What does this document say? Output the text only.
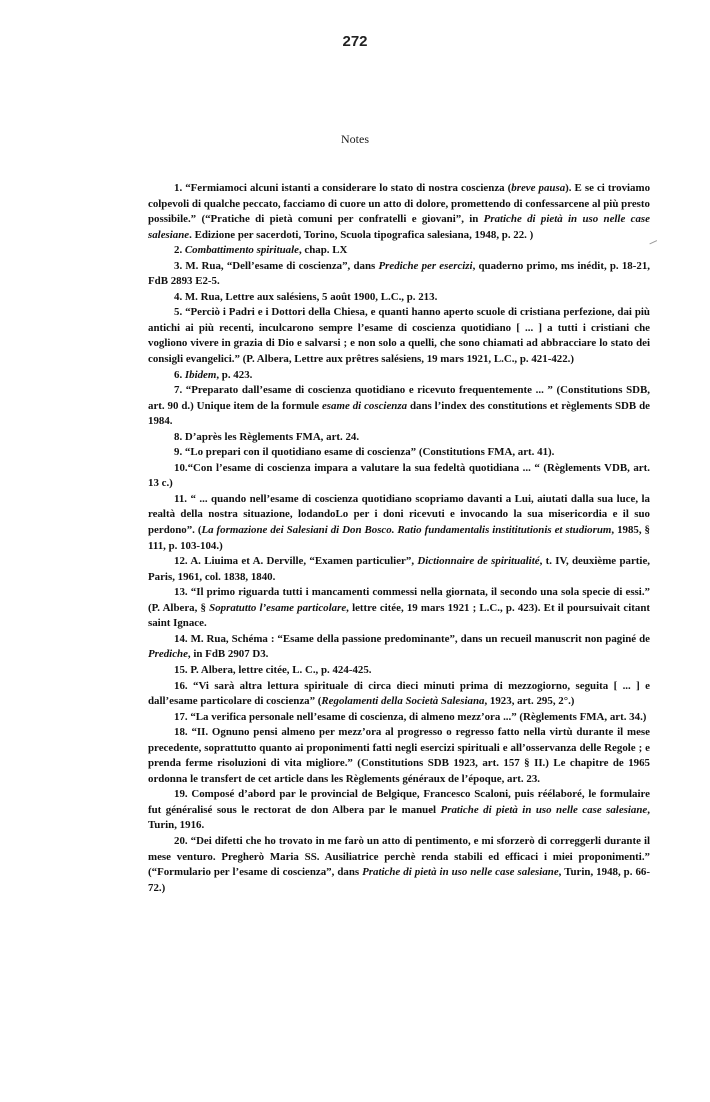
272
Notes

1. “Fermiamoci alcuni istanti a considerare lo stato di nostra coscienza (breve pausa). E se ci troviamo colpevoli di qualche peccato, facciamo di cuore un atto di dolore, promettendo di confessarcene al più presto possibile.” (“Pratiche di pietà comuni per confratelli e giovani”, in Pratiche di pietà in uso nelle case salesiane. Edizione per sacerdoti, Torino, Scuola tipografica salesiana, 1948, p. 22. )

2. Combattimento spirituale, chap. LX

3. M. Rua, “Dell’esame di coscienza”, dans Prediche per esercizi, quaderno primo, ms inédit, p. 18-21, FdB 2893 E2-5.

4. M. Rua, Lettre aux salésiens, 5 août 1900, L.C., p. 213.

5. “Perciò i Padri e i Dottori della Chiesa, e quanti hanno aperto scuole di cristiana perfezione, dai più antichi ai più recenti, inculcarono sempre l’esame di coscienza quotidiano [ ... ] a tutti i cristiani che vogliono vivere in grazia di Dio e salvarsi ; e non solo a quelli, che sono chiamati ad abbracciare lo stato dei consigli evangelici.” (P. Albera, Lettre aux prêtres salésiens, 19 mars 1921, L.C., p. 421-422.)

6. Ibidem, p. 423.

7. “Preparato dall’esame di coscienza quotidiano e ricevuto frequentemente ... ” (Constitutions SDB, art. 90 d.) Unique item de la formule esame di coscienza dans l’index des constitutions et règlements SDB de 1984.

8. D’après les Règlements FMA, art. 24.

9. “Lo prepari con il quotidiano esame di coscienza” (Constitutions FMA, art. 41).

10.“Con l’esame di coscienza impara a valutare la sua fedeltà quotidiana ... “ (Règlements VDB, art. 13 c.)

11. “ ... quando nell’esame di coscienza quotidiano scopriamo davanti a Lui, aiutati dalla sua luce, la realtà della nostra situazione, lodandoLo per i doni ricevuti e invocando la sua misericordia e il suo perdono”. (La formazione dei Salesiani di Don Bosco. Ratio fundamentalis instititutionis et studiorum, 1985, § 111, p. 103-104.)

12. A. Liuima et A. Derville, “Examen particulier”, Dictionnaire de spiritualité, t. IV, deuxième partie, Paris, 1961, col. 1838, 1840.

13. “Il primo riguarda tutti i mancamenti commessi nella giornata, il secondo una sola specie di essi.” (P. Albera, § Sopratutto l’esame particolare, lettre citée, 19 mars 1921 ; L.C., p. 423). Et il poursuivait citant saint Ignace.

14. M. Rua, Schéma : “Esame della passione predominante”, dans un recueil manuscrit non paginé de Prediche, in FdB 2907 D3.

15. P. Albera, lettre citée, L. C., p. 424-425.

16. “Vi sarà altra lettura spirituale di circa dieci minuti prima di mezzogiorno, seguita [ ... ] e dall’esame particolare di coscienza” (Regolamenti della Società Salesiana, 1923, art. 295, 2°.)

17. “La verifica personale nell’esame di coscienza, di almeno mezz’ora ...” (Règlements FMA, art. 34.)

18. “II. Ognuno pensi almeno per mezz’ora al progresso o regresso fatto nella virtù durante il mese precedente, soprattutto quanto ai proponimenti fatti negli esercizi spirituali e all’osservanza delle Regole ; e prenda ferme risoluzioni di vita migliore.” (Constitutions SDB 1923, art. 157 § II.) Le chapitre de 1965 ordonna le transfert de cet article dans les Règlements généraux de l’époque, art. 23.

19. Composé d’abord par le provincial de Belgique, Francesco Scaloni, puis réélaboré, le formulaire fut généralisé sous le rectorat de don Albera par le manuel Pratiche di pietà in uso nelle case salesiane, Turin, 1916.

20. “Dei difetti che ho trovato in me farò un atto di pentimento, e mi sforzerò di correggerli durante il mese venturo. Pregherò Maria SS. Ausiliatrice perchè renda stabili ed efficaci i miei proponimenti.” (“Formulario per l’esame di coscienza”, dans Pratiche di pietà in uso nelle case salesiane, Turin, 1948, p. 66-72.)
